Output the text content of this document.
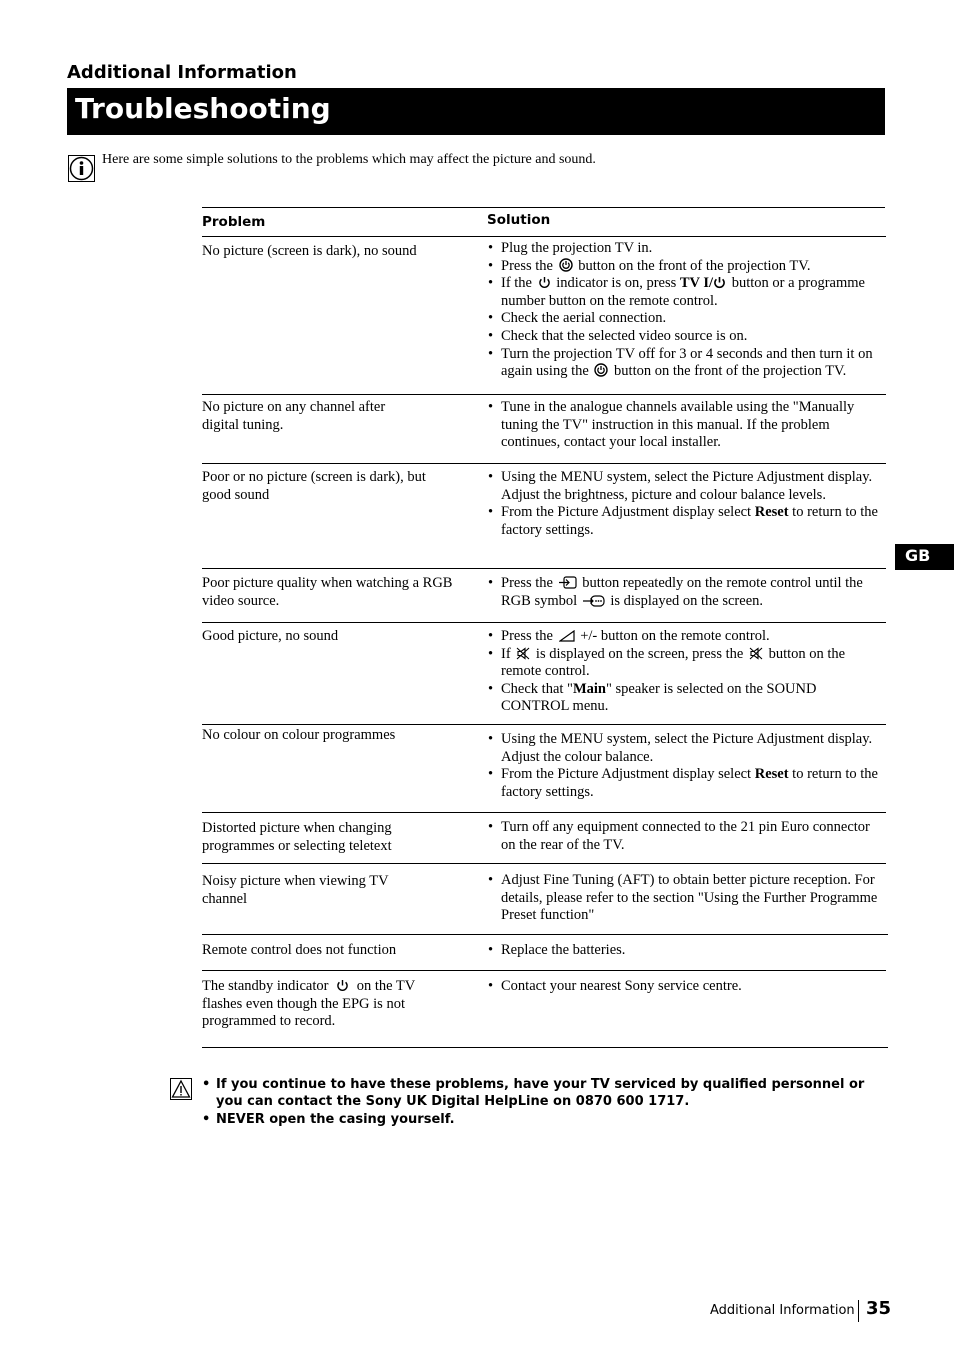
Additional Information
Troubleshooting
Here are some simple solutions to the problems which may affect the picture and sound.
GB
Problem	Solution
No picture (screen is dark), no sound	• Plug the projection TV in.
• Press the button on the front of the projection TV.
• If the indicator is on, press TV I/ button or a programme number button on the remote control.
• Check the aerial connection.
• Check that the selected video source is on.
• Turn the projection TV off for 3 or 4 seconds and then turn it on again using the button on the front of the projection TV.
No picture on any channel after digital tuning.
• Tune in the analogue channels available using the "Manually tuning the TV" instruction in this manual. If the problem continues, contact your local installer.
Poor or no picture (screen is dark), but good sound
• Using the MENU system, select the Picture Adjustment display.
Adjust the brightness, picture and colour balance levels.
• From the Picture Adjustment display select Reset to return to the factory settings.
Poor picture quality when watching a RGB video source.
• Press the button repeatedly on the remote control until the RGB symbol is displayed on the screen.
Good picture, no sound	• Press the +/- button on the remote control.
• If is displayed on the screen, press the button on the remote control.
• Check that "Main" speaker is selected on the SOUND CONTROL menu.
No colour on colour programmes	• Using the MENU system, select the Picture Adjustment display. Adjust the colour balance.
• From the Picture Adjustment display select Reset to return to the factory settings.
Distorted picture when changing programmes or selecting teletext
• Turn off any equipment connected to the 21 pin Euro connector on the rear of the TV.
Noisy picture when viewing TV channel
• Adjust Fine Tuning (AFT) to obtain better picture reception. For details, please refer to the section "Using the Further Programme Preset function"
Remote control does not function	• Replace the batteries.
The standby indicator on the TV flashes even though the EPG is not programmed to record.
• Contact your nearest Sony service centre.
• If you continue to have these problems, have your TV serviced by qualified personnel or you can contact the Sony UK Digital HelpLine on 0870 600 1717.
• NEVER open the casing yourself.
Additional Information 35
